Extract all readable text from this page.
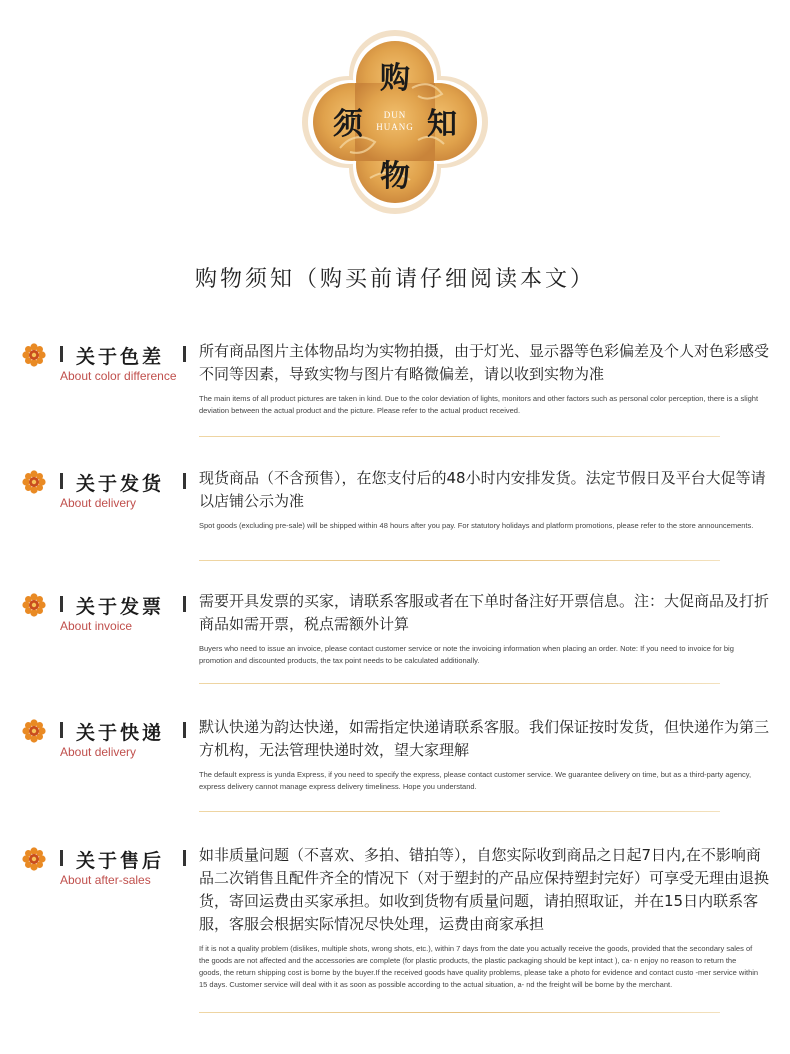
购
须 知
物
DUN
HUANG
购物须知（购买前请仔细阅读本文）
关于色差
About color difference
所有商品图片主体物品均为实物拍摄，由于灯光、显示器等色彩偏差及个人对色彩感受不同等因素，导致实物与图片有略微偏差，请以收到实物为准
The main items of all product pictures are taken in kind. Due to the color deviation of lights, monitors and other factors such as personal color perception, there is a slight deviation between the actual product and the picture. Please refer to the actual product received.
关于发货
About delivery
现货商品（不含预售），在您支付后的48小时内安排发货。法定节假日及平台大促等请以店铺公示为准
Spot goods (excluding pre-sale) will be shipped within 48 hours after you pay. For statutory holidays and platform promotions, please refer to the store announcements.
关于发票
About invoice
需要开具发票的买家，请联系客服或者在下单时备注好开票信息。注：大促商品及打折商品如需开票，税点需额外计算
Buyers who need to issue an invoice, please contact customer service or note the invoicing information when placing an order. Note: If you need to invoice for big promotion and discounted products, the tax point needs to be calculated additionally.
关于快递
About delivery
默认快递为韵达快递，如需指定快递请联系客服。我们保证按时发货，但快递作为第三方机构，无法管理快递时效，望大家理解
The default express is yunda Express, if you need to specify the express, please contact customer service. We guarantee delivery on time, but as a third-party agency, express delivery cannot manage express delivery timeliness. Hope you understand.
关于售后
About after-sales
如非质量问题（不喜欢、多拍、错拍等），自您实际收到商品之日起7日内,在不影响商品二次销售且配件齐全的情况下（对于塑封的产品应保持塑封完好）可享受无理由退换货，寄回运费由买家承担。如收到货物有质量问题，请拍照取证，并在15日内联系客服，客服会根据实际情况尽快处理，运费由商家承担
If it is not a quality problem (dislikes, multiple shots, wrong shots, etc.), within 7 days from the date you actually receive the goods, provided that the secondary sales of the goods are not affected and the accessories are complete (for plastic products, the plastic packaging should be kept intact ), ca- n enjoy no reason to return the goods, the return shipping cost is borne by the buyer.If the received goods have quality problems, please take a photo for evidence and contact custo -mer service within 15 days. Customer service will deal with it as soon as possible according to the actual situation, a- nd the freight will be borne by the merchant.
